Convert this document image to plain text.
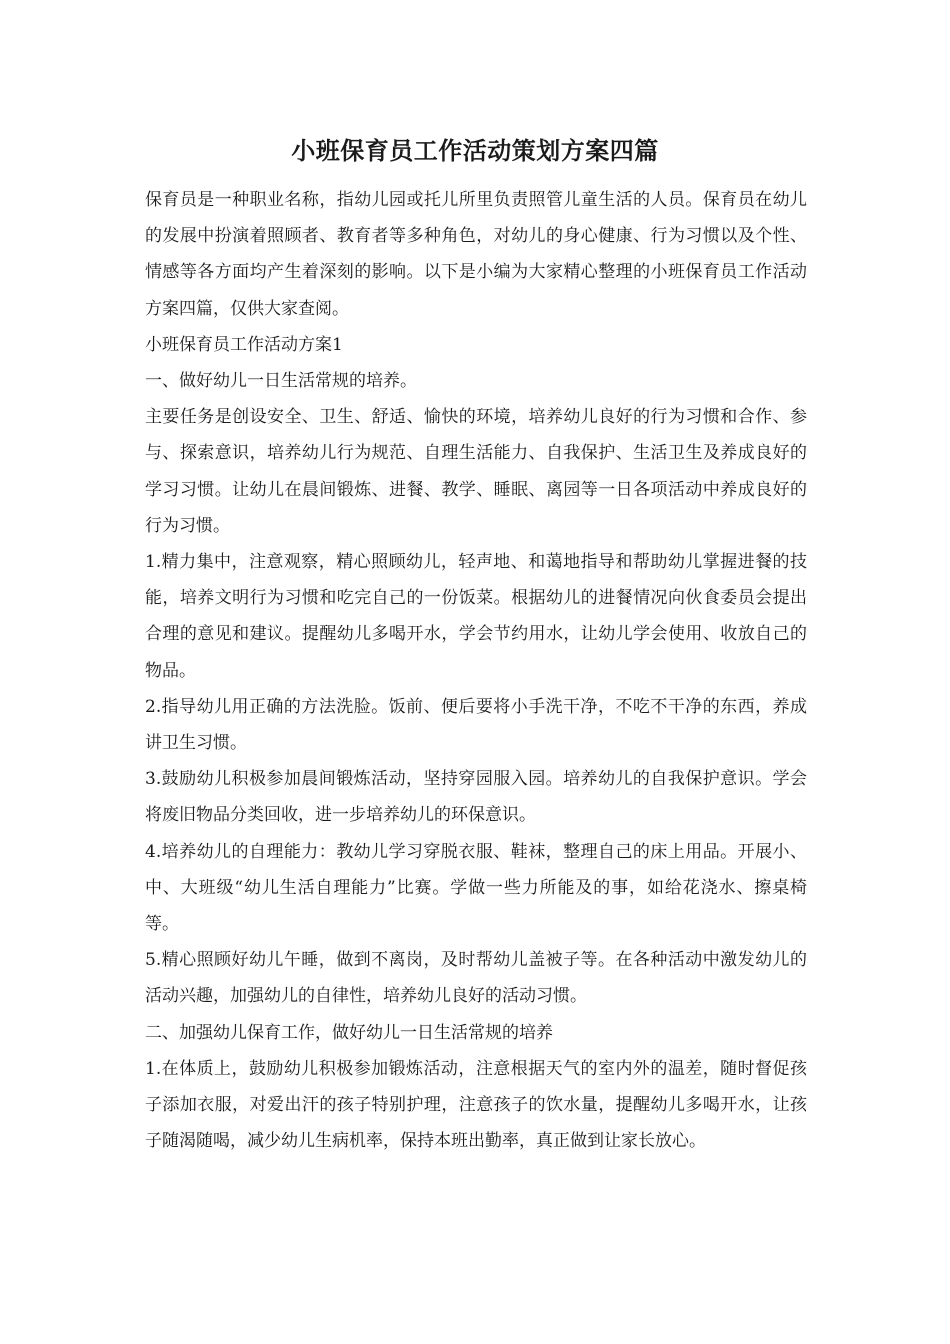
小班保育员工作活动策划方案四篇

保育员是一种职业名称，指幼儿园或托儿所里负责照管儿童生活的人员。保育员在幼儿的发展中扮演着照顾者、教育者等多种角色，对幼儿的身心健康、行为习惯以及个性、情感等各方面均产生着深刻的影响。以下是小编为大家精心整理的小班保育员工作活动方案四篇，仅供大家查阅。

小班保育员工作活动方案1

一、做好幼儿一日生活常规的培养。

主要任务是创设安全、卫生、舒适、愉快的环境，培养幼儿良好的行为习惯和合作、参与、探索意识，培养幼儿行为规范、自理生活能力、自我保护、生活卫生及养成良好的学习习惯。让幼儿在晨间锻炼、进餐、教学、睡眠、离园等一日各项活动中养成良好的行为习惯。

1.精力集中，注意观察，精心照顾幼儿，轻声地、和蔼地指导和帮助幼儿掌握进餐的技能，培养文明行为习惯和吃完自己的一份饭菜。根据幼儿的进餐情况向伙食委员会提出合理的意见和建议。提醒幼儿多喝开水，学会节约用水，让幼儿学会使用、收放自己的物品。

2.指导幼儿用正确的方法洗脸。饭前、便后要将小手洗干净，不吃不干净的东西，养成讲卫生习惯。

3.鼓励幼儿积极参加晨间锻炼活动，坚持穿园服入园。培养幼儿的自我保护意识。学会将废旧物品分类回收，进一步培养幼儿的环保意识。

4.培养幼儿的自理能力：教幼儿学习穿脱衣服、鞋袜，整理自己的床上用品。开展小、中、大班级“幼儿生活自理能力”比赛。学做一些力所能及的事，如给花浇水、擦桌椅等。

5.精心照顾好幼儿午睡，做到不离岗，及时帮幼儿盖被子等。在各种活动中激发幼儿的活动兴趣，加强幼儿的自律性，培养幼儿良好的活动习惯。

二、加强幼儿保育工作，做好幼儿一日生活常规的培养

1.在体质上，鼓励幼儿积极参加锻炼活动，注意根据天气的室内外的温差，随时督促孩子添加衣服，对爱出汗的孩子特别护理，注意孩子的饮水量，提醒幼儿多喝开水，让孩子随渴随喝，减少幼儿生病机率，保持本班出勤率，真正做到让家长放心。
